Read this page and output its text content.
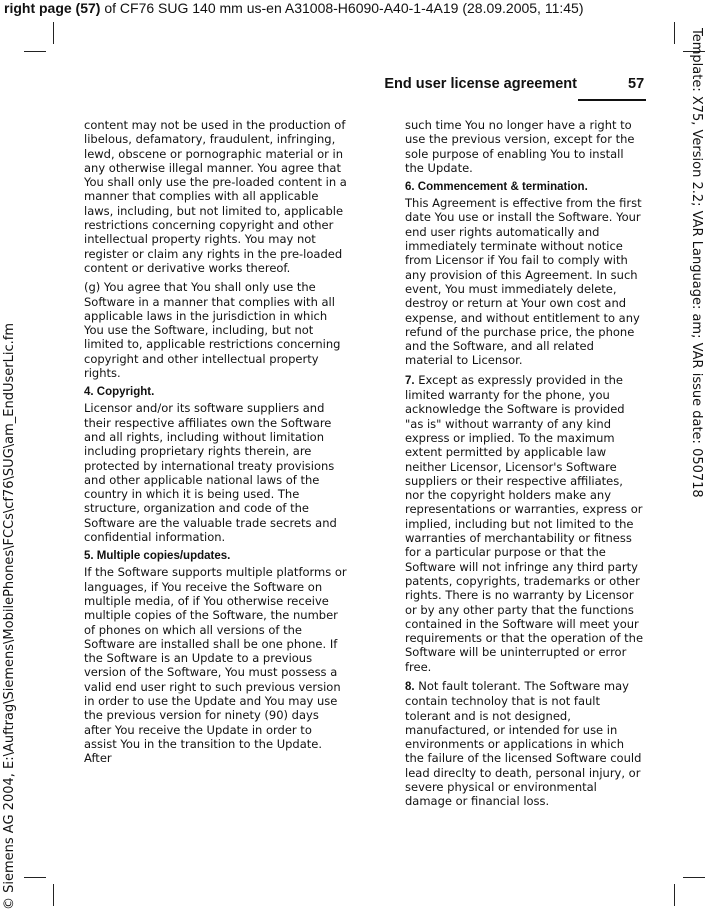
right page (57) of CF76 SUG 140 mm us-en A31008-H6090-A40-1-4A19 (28.09.2005, 11:45)
Template: X75, Version 2.2; VAR Language: am; VAR issue date: 050718
© Siemens AG 2004, E:\Auftrag\Siemens\MobilePhones\FCCs\cf76\SUG\am_EndUserLic.fm
End user license agreement	57

content may not be used in the production of libelous, defamatory, fraudulent, infringing, lewd, obscene or pornographic material or in any otherwise illegal manner. You agree that You shall only use the pre-loaded content in a manner that complies with all applicable laws, including, but not limited to, applicable restrictions concerning copyright and other intellectual property rights. You may not register or claim any rights in the pre-loaded content or derivative works thereof.

(g) You agree that You shall only use the Software in a manner that complies with all applicable laws in the jurisdiction in which You use the Software, including, but not limited to, applicable restrictions concerning copyright and other intellectual property rights.

4. Copyright.

Licensor and/or its software suppliers and their respective affiliates own the Software and all rights, including without limitation including proprietary rights therein, are protected by international treaty provisions and other applicable national laws of the country in which it is being used. The structure, organization and code of the Software are the valuable trade secrets and confidential information.

5. Multiple copies/updates.

If the Software supports multiple platforms or languages, if You receive the Software on multiple media, of if You otherwise receive multiple copies of the Software, the number of phones on which all versions of the Software are installed shall be one phone. If the Software is an Update to a previous version of the Software, You must possess a valid end user right to such previous version in order to use the Update and You may use the previous version for ninety (90) days after You receive the Update in order to assist You in the transition to the Update. After

such time You no longer have a right to use the previous version, except for the sole purpose of enabling You to install the Update.

6. Commencement & termination.

This Agreement is effective from the first date You use or install the Software. Your end user rights automatically and immediately terminate without notice from Licensor if You fail to comply with any provision of this Agreement. In such event, You must immediately delete, destroy or return at Your own cost and expense, and without entitlement to any refund of the purchase price, the phone and the Software, and all related material to Licensor.

7. Except as expressly provided in the limited warranty for the phone, you acknowledge the Software is provided "as is" without warranty of any kind express or implied. To the maximum extent permitted by applicable law neither Licensor, Licensor's Software suppliers or their respective affiliates, nor the copyright holders make any representations or warranties, express or implied, including but not limited to the warranties of merchantability or fitness for a particular purpose or that the Software will not infringe any third party patents, copyrights, trademarks or other rights. There is no warranty by Licensor or by any other party that the functions contained in the Software will meet your requirements or that the operation of the Software will be uninterrupted or error free.

8. Not fault tolerant. The Software may contain technoloy that is not fault tolerant and is not designed, manufactured, or intended for use in environments or applications in which the failure of the licensed Software could lead direclty to death, personal injury, or severe physical or environmental damage or financial loss.
